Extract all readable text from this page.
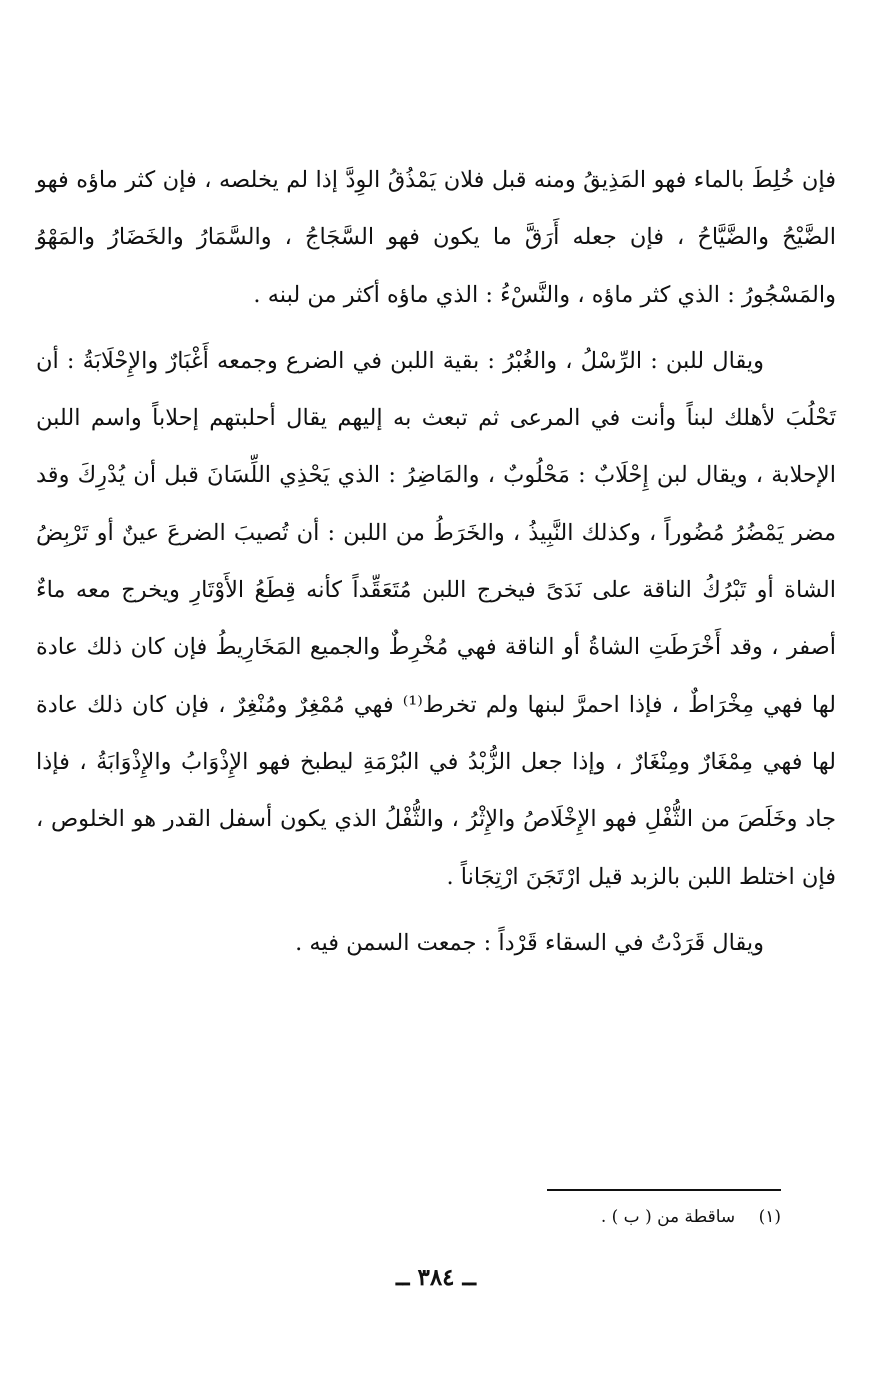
فإن خُلِطَ بالماء فهو المَذِيقُ ومنه قبل فلان يَمْذُقُ الوِدَّ إذا لم يخلصه ، فإن كثر ماؤه فهو الضَّيْحُ والضَّيَّاحُ ، فإن جعله أَرَقَّ ما يكون فهو السَّجَاجُ ، والسَّمَارُ والخَضَارُ والمَهْوُ والمَسْجُورُ : الذي كثر ماؤه ، والنَّسْءُ : الذي ماؤه أكثر من لبنه .

ويقال للبن : الرِّسْلُ ، والغُبْرُ : بقية اللبن في الضرع وجمعه أَغْبَارٌ والإِحْلَابَةُ : أن تَحْلُبَ لأهلك لبناً وأنت في المرعى ثم تبعث به إليهم يقال أحلبتهم إحلاباً واسم اللبن الإحلابة ، ويقال لبن إِحْلَابٌ : مَحْلُوبٌ ، والمَاضِرُ : الذي يَحْذِي اللِّسَانَ قبل أن يُدْرِكَ وقد مضر يَمْضُرُ مُضُوراً ، وكذلك النَّبِيذُ ، والخَرَطُ من اللبن : أن تُصيبَ الضرعَ عينٌ أو تَرْبِضُ الشاة أو تَبْرُكُ الناقة على نَدَىً فيخرج اللبن مُتَعَقِّداً كأنه قِطَعُ الأَوْتَارِ ويخرج معه ماءٌ أصفر ، وقد أَخْرَطَتِ الشاةُ أو الناقة فهي مُخْرِطٌ والجميع المَخَارِيطُ فإن كان ذلك عادة لها فهي مِخْرَاطٌ ، فإذا احمرَّ لبنها ولم تخرط⁽¹⁾ فهي مُمْغِرٌ ومُنْغِرٌ ، فإن كان ذلك عادة لها فهي مِمْغَارٌ ومِنْغَارٌ ، وإذا جعل الزُّبْدُ في البُرْمَةِ ليطبخ فهو الإِذْوَابُ والإِذْوَابَةُ ، فإذا جاد وخَلَصَ من الثُّفْلِ فهو الإِخْلَاصُ والإِثْرُ ، والثُّفْلُ الذي يكون أسفل القدر هو الخلوص ، فإن اختلط اللبن بالزبد قيل ارْتَجَنَ ارْتِجَاناً .

ويقال قَرَدْتُ في السقاء قَرْداً : جمعت السمن فيه .

(١) ساقطة من ( ب ) .
ــ ٣٨٤ ــ
